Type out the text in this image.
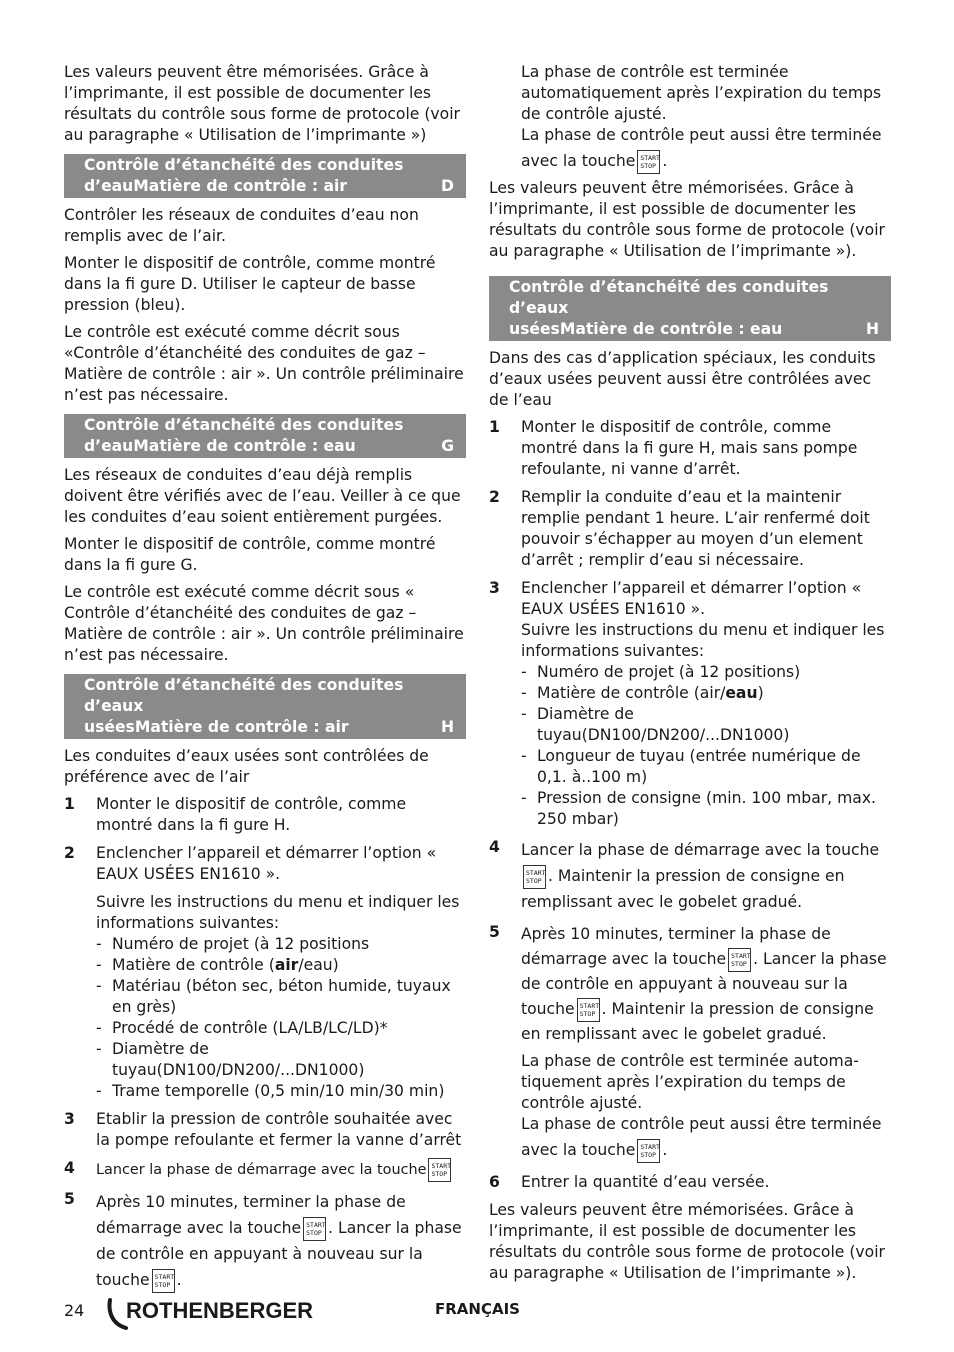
Les valeurs peuvent être mémorisées. Grâce à l’imprimante, il est possible de documenter les résultats du contrôle sous forme de protocole (voir au paragraphe « Utilisation de l’imprimante »)

Contrôle d’étanchéité des conduites
d’eauMatière de contrôle : air	D

Contrôler les réseaux de conduites d’eau non remplis avec de l’air.

Monter le dispositif de contrôle, comme montré dans la fi gure D. Utiliser le capteur de basse pression (bleu).

Le contrôle est exécuté comme décrit sous «Contrôle d’étanchéité des conduites de gaz – Matière de contrôle : air ». Un contrôle préliminaire n’est pas nécessaire.

Contrôle d’étanchéité des conduites
d’eauMatière de contrôle : eau	G

Les réseaux de conduites d’eau déjà remplis doivent être vérifiés avec de l’eau. Veiller à ce que les conduites d’eau soient entièrement purgées.

Monter le dispositif de contrôle, comme montré dans la fi gure G.

Le contrôle est exécuté comme décrit sous « Contrôle d’étanchéité des conduites de gaz – Matière de contrôle : air ». Un contrôle préliminaire n’est pas nécessaire.

Contrôle d’étanchéité des conduites d’eaux
uséesMatière de contrôle : air	H

Les conduites d’eaux usées sont contrôlées de préférence avec de l’air

1	Monter le dispositif de contrôle, comme montré dans la fi gure H.
2	Enclencher l’appareil et démarrer l’option « EAUX USÉES EN1610 ».
Suivre les instructions du menu et indiquer les informations suivantes:
- Numéro de projet (à 12 positions
- Matière de contrôle (air/eau)
- Matériau (béton sec, béton humide, tuyaux en grès)
- Procédé de contrôle (LA/LB/LC/LD)*
- Diamètre de tuyau(DN100/DN200/...DN1000)
- Trame temporelle (0,5 min/10 min/30 min)
3	Etablir la pression de contrôle souhaitée avec la pompe refoulante et fermer la vanne d’arrêt
4	Lancer la phase de démarrage avec la touche START
STOP
5	Après 10 minutes, terminer la phase de
démarrage avec la touche START
STOP . Lancer la phase de contrôle en appuyant à nouveau sur la touche START
STOP .
La phase de contrôle est terminée automatiquement après l’expiration du temps de contrôle ajusté.
La phase de contrôle peut aussi être terminée
avec la touche START
STOP .

Les valeurs peuvent être mémorisées. Grâce à l’imprimante, il est possible de documenter les résultats du contrôle sous forme de protocole (voir au paragraphe « Utilisation de l’imprimante »).

Contrôle d’étanchéité des conduites d’eaux
uséesMatière de contrôle : eau	H

Dans des cas d’application spéciaux, les conduits d’eaux usées peuvent aussi être contrôlées avec de l’eau

1	Monter le dispositif de contrôle, comme montré dans la fi gure H, mais sans pompe refoulante, ni vanne d’arrêt.
2	Remplir la conduite d’eau et la maintenir remplie pendant 1 heure. L’air renfermé doit pouvoir s’échapper au moyen d’un element d’arrêt ; remplir d’eau si nécessaire.
3	Enclencher l’appareil et démarrer l’option « EAUX USÉES EN1610 ».
Suivre les instructions du menu et indiquer les informations suivantes:
- Numéro de projet (à 12 positions)
- Matière de contrôle (air/eau)
- Diamètre de tuyau(DN100/DN200/...DN1000)
- Longueur de tuyau (entrée numérique de 0,1. à..100 m)
- Pression de consigne (min. 100 mbar, max. 250 mbar)
4	Lancer la phase de démarrage avec la touche

START
STOP . Maintenir la pression de consigne en remplissant avec le gobelet gradué.
5	Après 10 minutes, terminer la phase de
démarrage avec la touche START
STOP . Lancer la phase de contrôle en appuyant à nouveau sur la touche START
STOP . Maintenir la pression de consigne en remplissant avec le gobelet gradué.
La phase de contrôle est terminée automa-tiquement après l’expiration du temps de contrôle ajusté.
La phase de contrôle peut aussi être terminée
avec la touche START
STOP .
6	Entrer la quantité d’eau versée.

Les valeurs peuvent être mémorisées. Grâce à l’imprimante, il est possible de documenter les résultats du contrôle sous forme de protocole (voir au paragraphe « Utilisation de l’imprimante »).

24 ROTHENBERGER	FRANÇAIS
